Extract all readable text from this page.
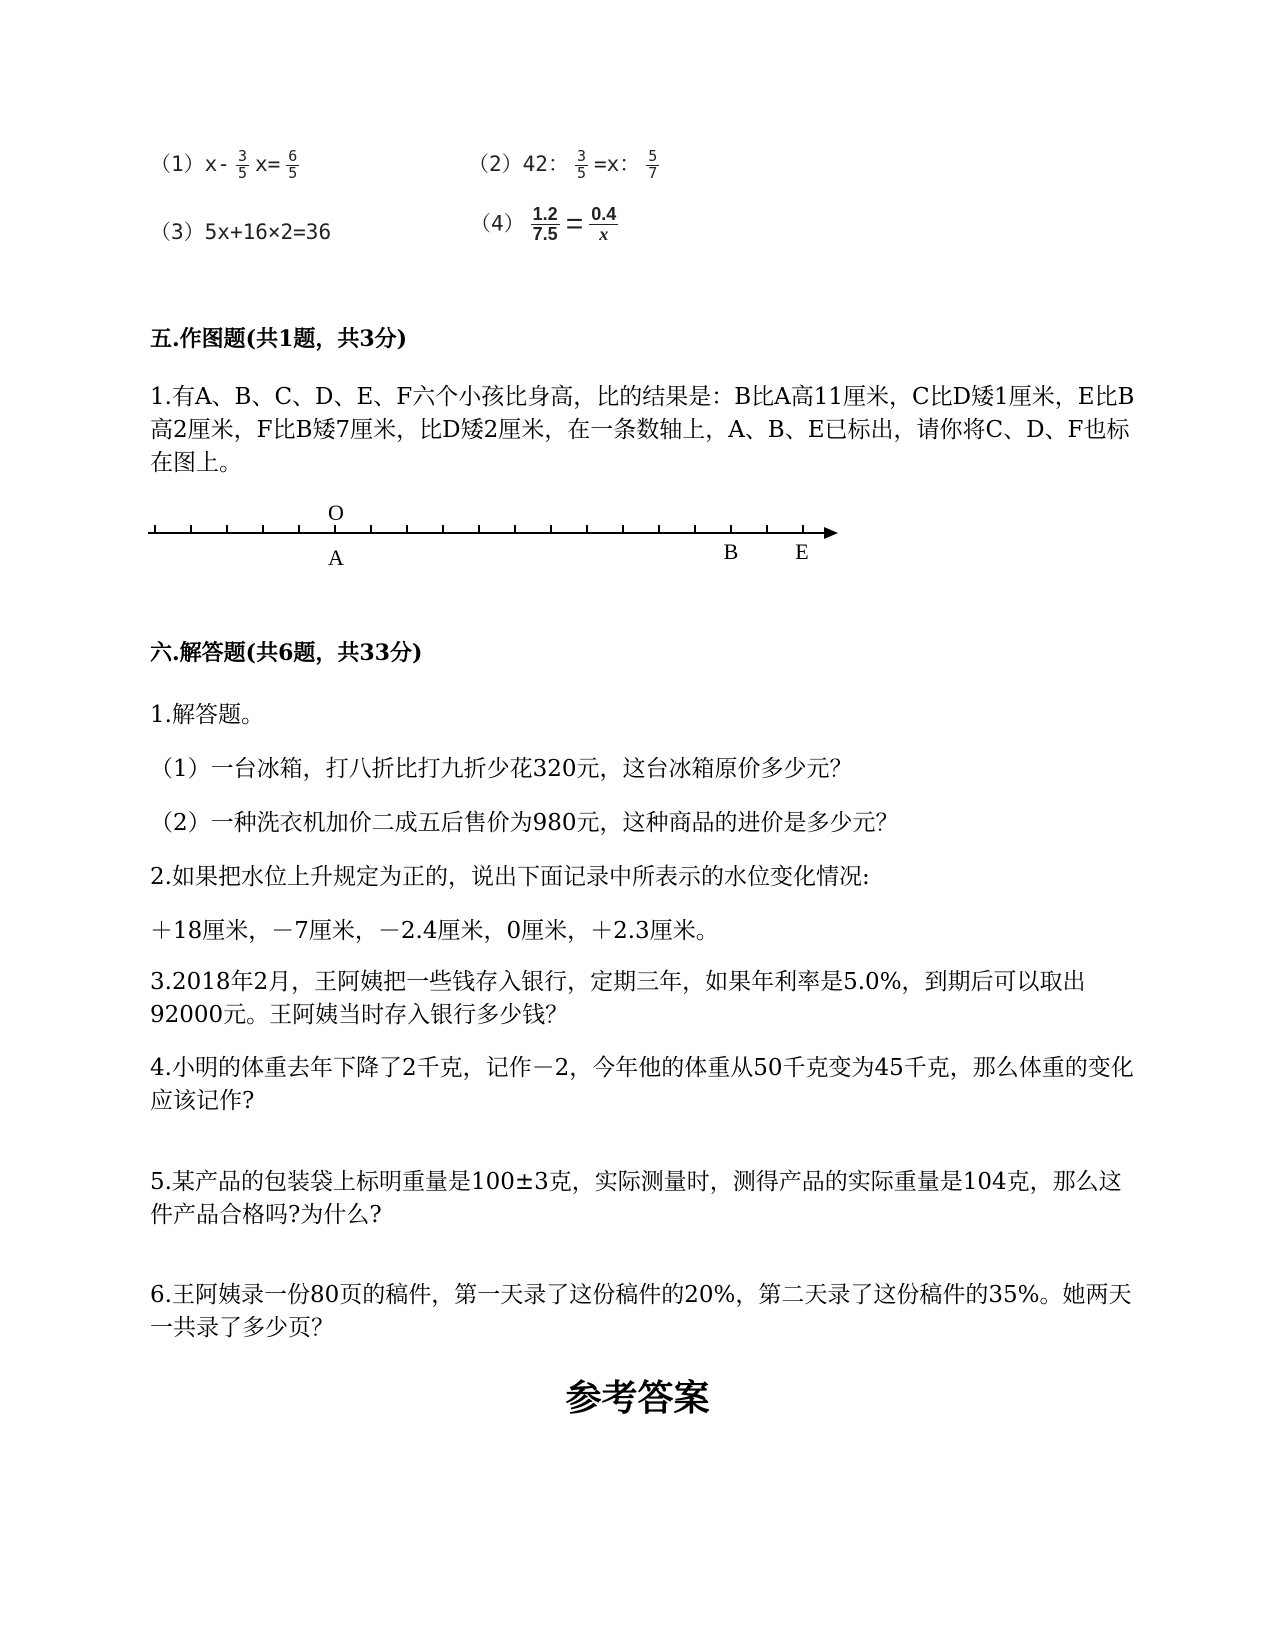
$(1)x- \frac{3}{5} x= \frac{6}{5}$	（2）42： $\frac{3}{5} =x$： $\frac{5}{7}$
（3）5x+16×2=36	$(4) \frac{1.2}{7.5} = \frac{0.4}{x}$
五.作图题(共1题，共3分)
1.有A、B、C、D、E、F六个小孩比身高，比的结果是：B比A高11厘米，C比D矮1厘米，E比B高2厘米，F比B矮7厘米，比D矮2厘米，在一条数轴上，A、B、E已标出，请你将C、D、F也标在图上。
O
A	B	E
六.解答题(共6题，共33分)
1.解答题。
（1）一台冰箱，打八折比打九折少花320元，这台冰箱原价多少元？
（2）一种洗衣机加价二成五后售价为980元，这种商品的进价是多少元？
2.如果把水位上升规定为正的，说出下面记录中所表示的水位变化情况:
＋18厘米，－7厘米，－2.4厘米，0厘米，＋2.3厘米。
3.2018年2月，王阿姨把一些钱存入银行，定期三年，如果年利率是5.0%，到期后可以取出92000元。王阿姨当时存入银行多少钱？
4.小明的体重去年下降了2千克，记作－2，今年他的体重从50千克变为45千克，那么体重的变化应该记作?
5.某产品的包装袋上标明重量是100±3克，实际测量时，测得产品的实际重量是104克，那么这件产品合格吗?为什么?
6.王阿姨录一份80页的稿件，第一天录了这份稿件的20%，第二天录了这份稿件的35%。她两天一共录了多少页？
参考答案
